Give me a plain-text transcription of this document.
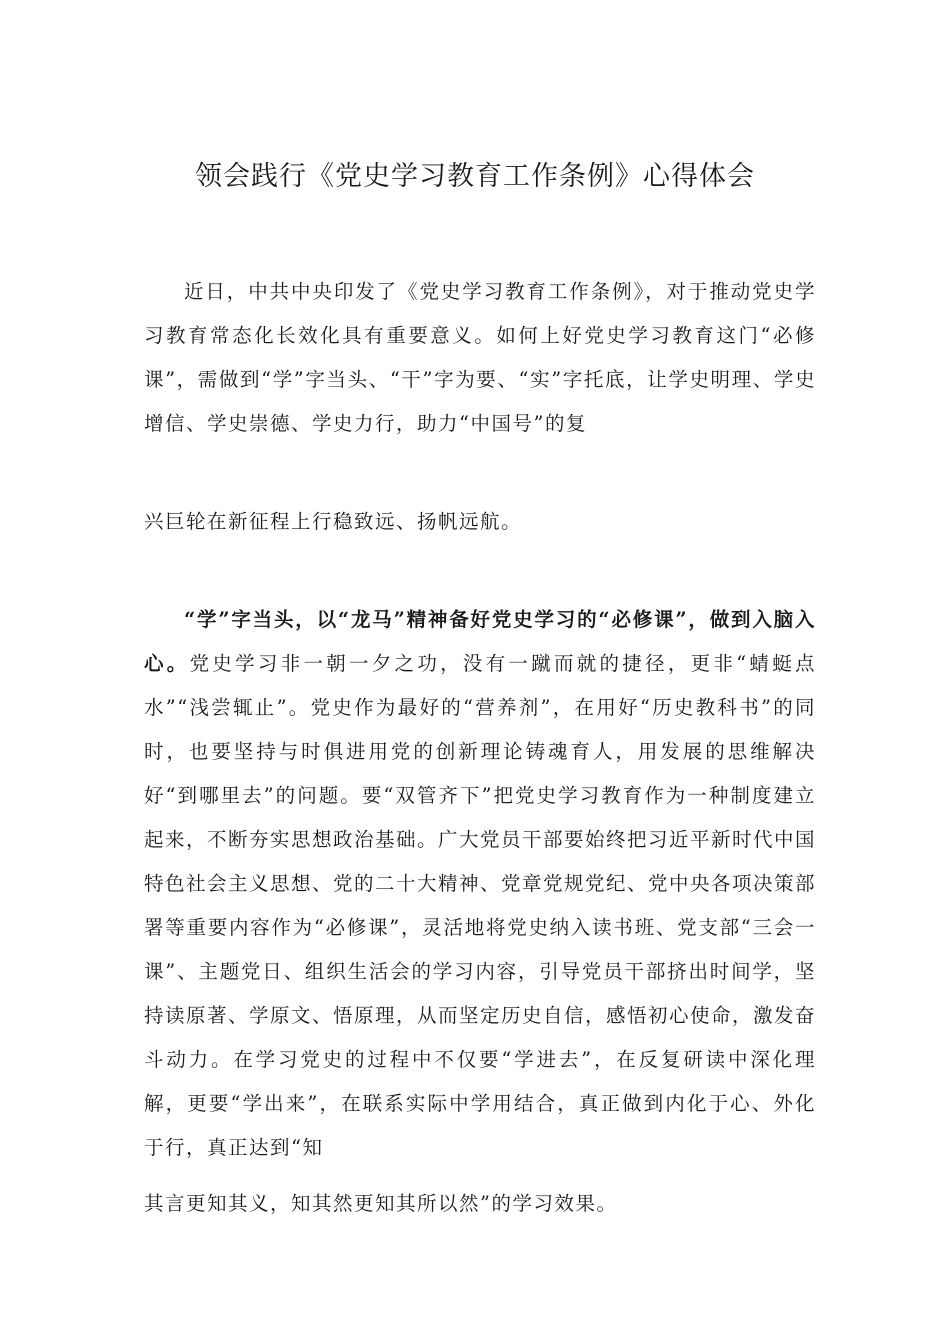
领会践行《党史学习教育工作条例》心得体会
近日，中共中央印发了《党史学习教育工作条例》，对于推动党史学习教育常态化长效化具有重要意义。如何上好党史学习教育这门“必修课”，需做到“学”字当头、“干”字为要、“实”字托底，让学史明理、学史增信、学史崇德、学史力行，助力“中国号”的复
兴巨轮在新征程上行稳致远、扬帆远航。
“学”字当头，以“龙马”精神备好党史学习的“必修课”，做到入脑入心。党史学习非一朝一夕之功，没有一蹴而就的捷径，更非“蜻蜓点水”“浅尝辄止”。党史作为最好的“营养剂”，在用好“历史教科书”的同时，也要坚持与时俱进用党的创新理论铸魂育人，用发展的思维解决好“到哪里去”的问题。要“双管齐下”把党史学习教育作为一种制度建立起来，不断夯实思想政治基础。广大党员干部要始终把习近平新时代中国特色社会主义思想、党的二十大精神、党章党规党纪、党中央各项决策部署等重要内容作为“必修课”，灵活地将党史纳入读书班、党支部“三会一课”、主题党日、组织生活会的学习内容，引导党员干部挤出时间学，坚持读原著、学原文、悟原理，从而坚定历史自信，感悟初心使命，激发奋斗动力。在学习党史的过程中不仅要“学进去”，在反复研读中深化理解，更要“学出来”，在联系实际中学用结合，真正做到内化于心、外化于行，真正达到“知
其言更知其义，知其然更知其所以然”的学习效果。
